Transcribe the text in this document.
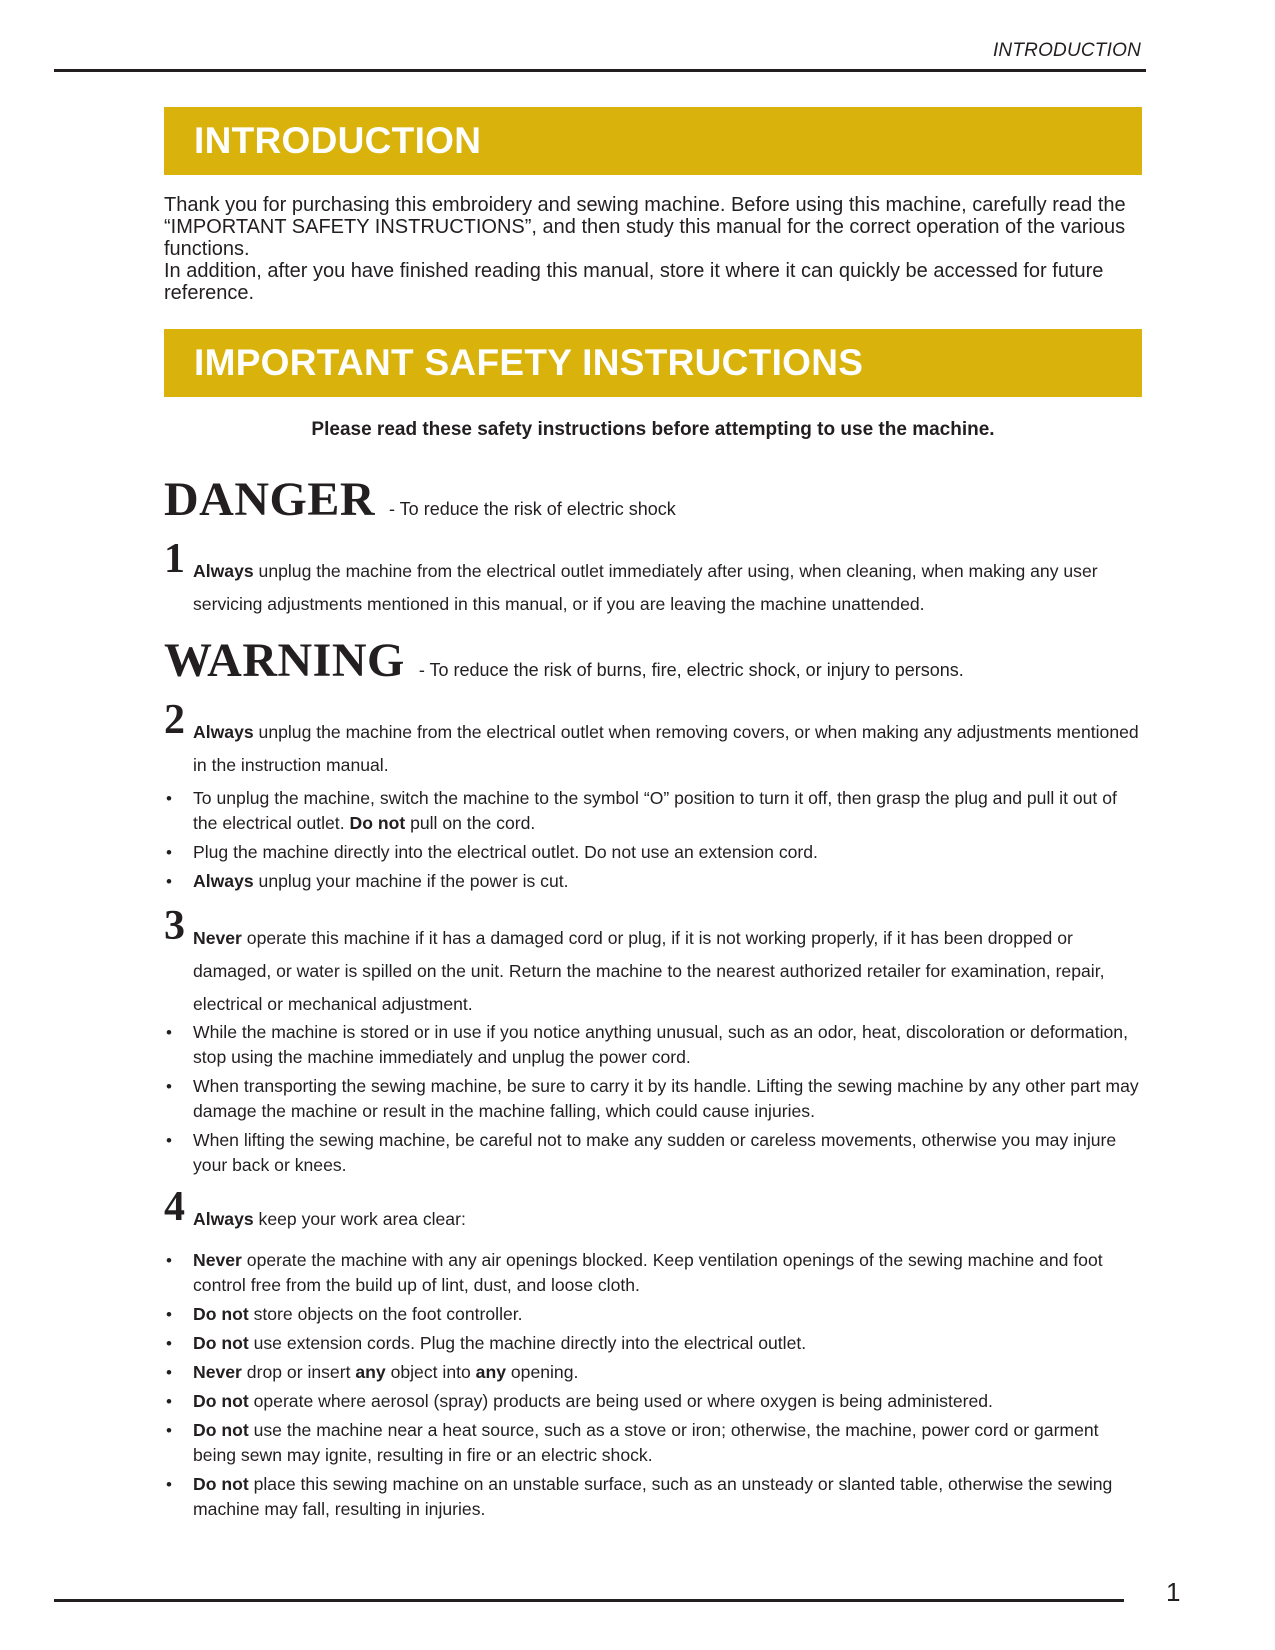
INTRODUCTION
INTRODUCTION

Thank you for purchasing this embroidery and sewing machine. Before using this machine, carefully read the “IMPORTANT SAFETY INSTRUCTIONS”, and then study this manual for the correct operation of the various functions.

In addition, after you have finished reading this manual, store it where it can quickly be accessed for future reference.

IMPORTANT SAFETY INSTRUCTIONS
Please read these safety instructions before attempting to use the machine.
DANGER - To reduce the risk of electric shock
1 Always unplug the machine from the electrical outlet immediately after using, when cleaning, when making any user servicing adjustments mentioned in this manual, or if you are leaving the machine unattended.
WARNING - To reduce the risk of burns, fire, electric shock, or injury to persons.
2 Always unplug the machine from the electrical outlet when removing covers, or when making any adjustments mentioned in the instruction manual.
• To unplug the machine, switch the machine to the symbol “O” position to turn it off, then grasp the plug and pull it out of the electrical outlet. Do not pull on the cord.
• Plug the machine directly into the electrical outlet. Do not use an extension cord.
• Always unplug your machine if the power is cut.
3 Never operate this machine if it has a damaged cord or plug, if it is not working properly, if it has been dropped or damaged, or water is spilled on the unit. Return the machine to the nearest authorized retailer for examination, repair, electrical or mechanical adjustment.
• While the machine is stored or in use if you notice anything unusual, such as an odor, heat, discoloration or deformation, stop using the machine immediately and unplug the power cord.
• When transporting the sewing machine, be sure to carry it by its handle. Lifting the sewing machine by any other part may damage the machine or result in the machine falling, which could cause injuries.
• When lifting the sewing machine, be careful not to make any sudden or careless movements, otherwise you may injure your back or knees.
4 Always keep your work area clear:
• Never operate the machine with any air openings blocked. Keep ventilation openings of the sewing machine and foot control free from the build up of lint, dust, and loose cloth.
• Do not store objects on the foot controller.
• Do not use extension cords. Plug the machine directly into the electrical outlet.
• Never drop or insert any object into any opening.
• Do not operate where aerosol (spray) products are being used or where oxygen is being administered.
• Do not use the machine near a heat source, such as a stove or iron; otherwise, the machine, power cord or garment being sewn may ignite, resulting in fire or an electric shock.
• Do not place this sewing machine on an unstable surface, such as an unsteady or slanted table, otherwise the sewing machine may fall, resulting in injuries.
1
